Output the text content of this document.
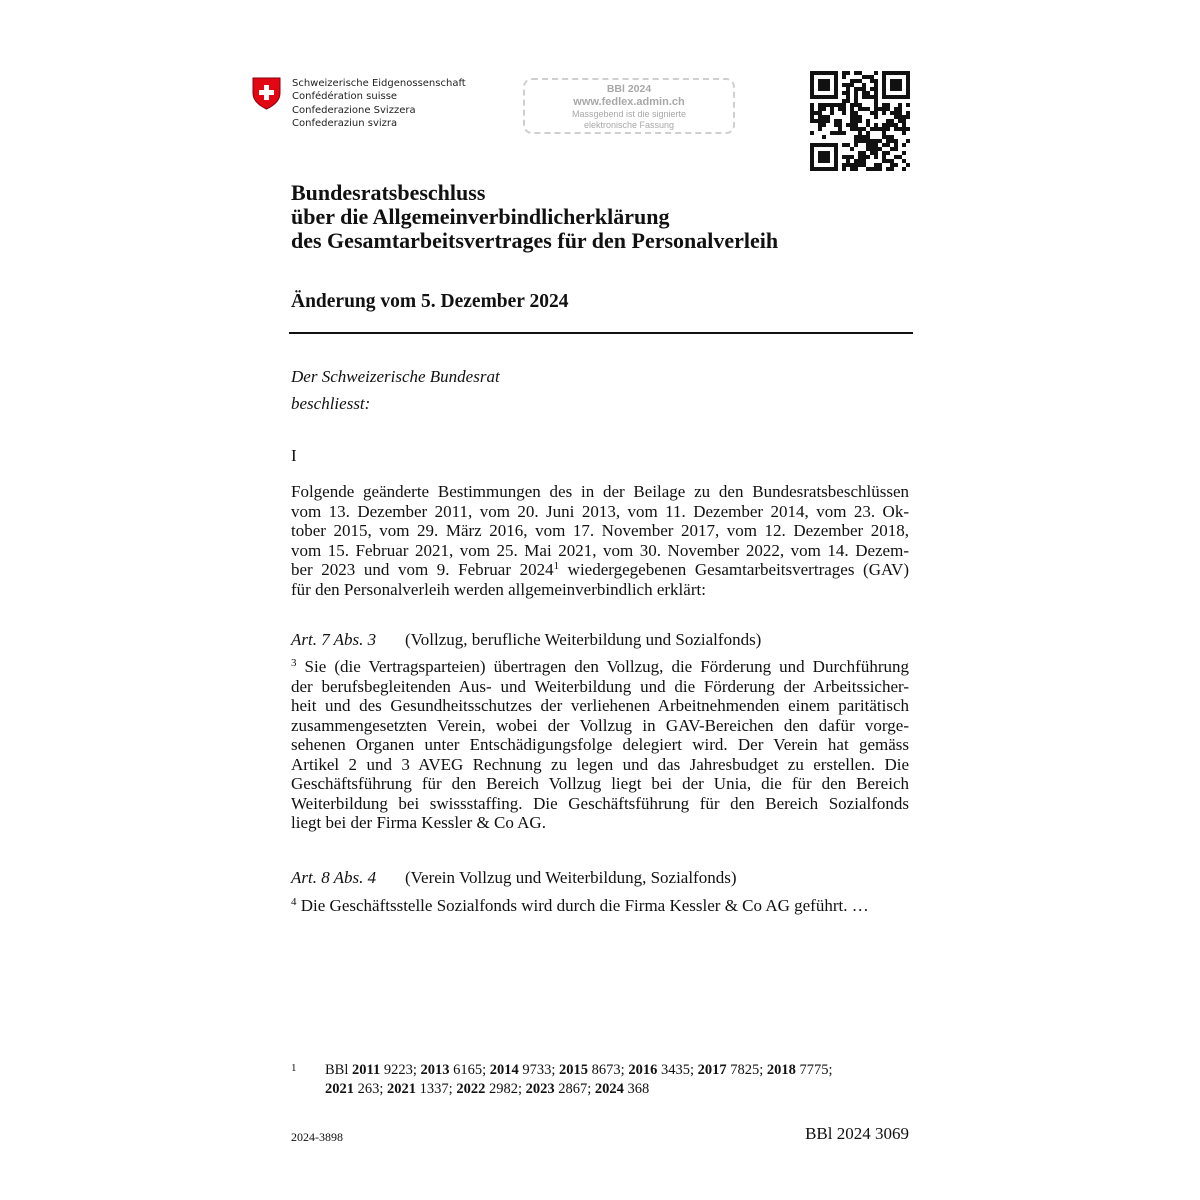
Schweizerische Eidgenossenschaft
Confédération suisse
Confederazione Svizzera
Confederaziun svizra
BBl 2024
www.fedlex.admin.ch
Massgebend ist die signierte
elektronische Fassung
Bundesratsbeschluss
über die Allgemeinverbindlicherklärung
des Gesamtarbeitsvertrages für den Personalverleih
Änderung vom 5. Dezember 2024
Der Schweizerische Bundesrat
beschliesst:
I
Folgende geänderte Bestimmungen des in der Beilage zu den Bundesratsbeschlüssen
vom 13. Dezember 2011, vom 20. Juni 2013, vom 11. Dezember 2014, vom 23. Ok-
tober 2015, vom 29. März 2016, vom 17. November 2017, vom 12. Dezember 2018,
vom 15. Februar 2021, vom 25. Mai 2021, vom 30. November 2022, vom 14. Dezem-
ber 2023 und vom 9. Februar 2024$^1$ wiedergegebenen Gesamtarbeitsvertrages (GAV)
für den Personalverleih werden allgemeinverbindlich erklärt:
Art. 7 Abs. 3 (Vollzug, berufliche Weiterbildung und Sozialfonds)
$^3$ Sie (die Vertragsparteien) übertragen den Vollzug, die Förderung und Durchführung
der berufsbegleitenden Aus- und Weiterbildung und die Förderung der Arbeitssicher-
heit und des Gesundheitsschutzes der verliehenen Arbeitnehmenden einem paritätisch
zusammengesetzten Verein, wobei der Vollzug in GAV-Bereichen den dafür vorge-
sehenen Organen unter Entschädigungsfolge delegiert wird. Der Verein hat gemäss
Artikel 2 und 3 AVEG Rechnung zu legen und das Jahresbudget zu erstellen. Die
Geschäftsführung für den Bereich Vollzug liegt bei der Unia, die für den Bereich
Weiterbildung bei swissstaffing. Die Geschäftsführung für den Bereich Sozialfonds
liegt bei der Firma Kessler & Co AG.
Art. 8 Abs. 4 (Verein Vollzug und Weiterbildung, Sozialfonds)
$^4$ Die Geschäftsstelle Sozialfonds wird durch die Firma Kessler & Co AG geführt. …
1 BBl 2011 9223; 2013 6165; 2014 9733; 2015 8673; 2016 3435; 2017 7825; 2018 7775;
2021 263; 2021 1337; 2022 2982; 2023 2867; 2024 368
2024-3898	BBl 2024 3069
